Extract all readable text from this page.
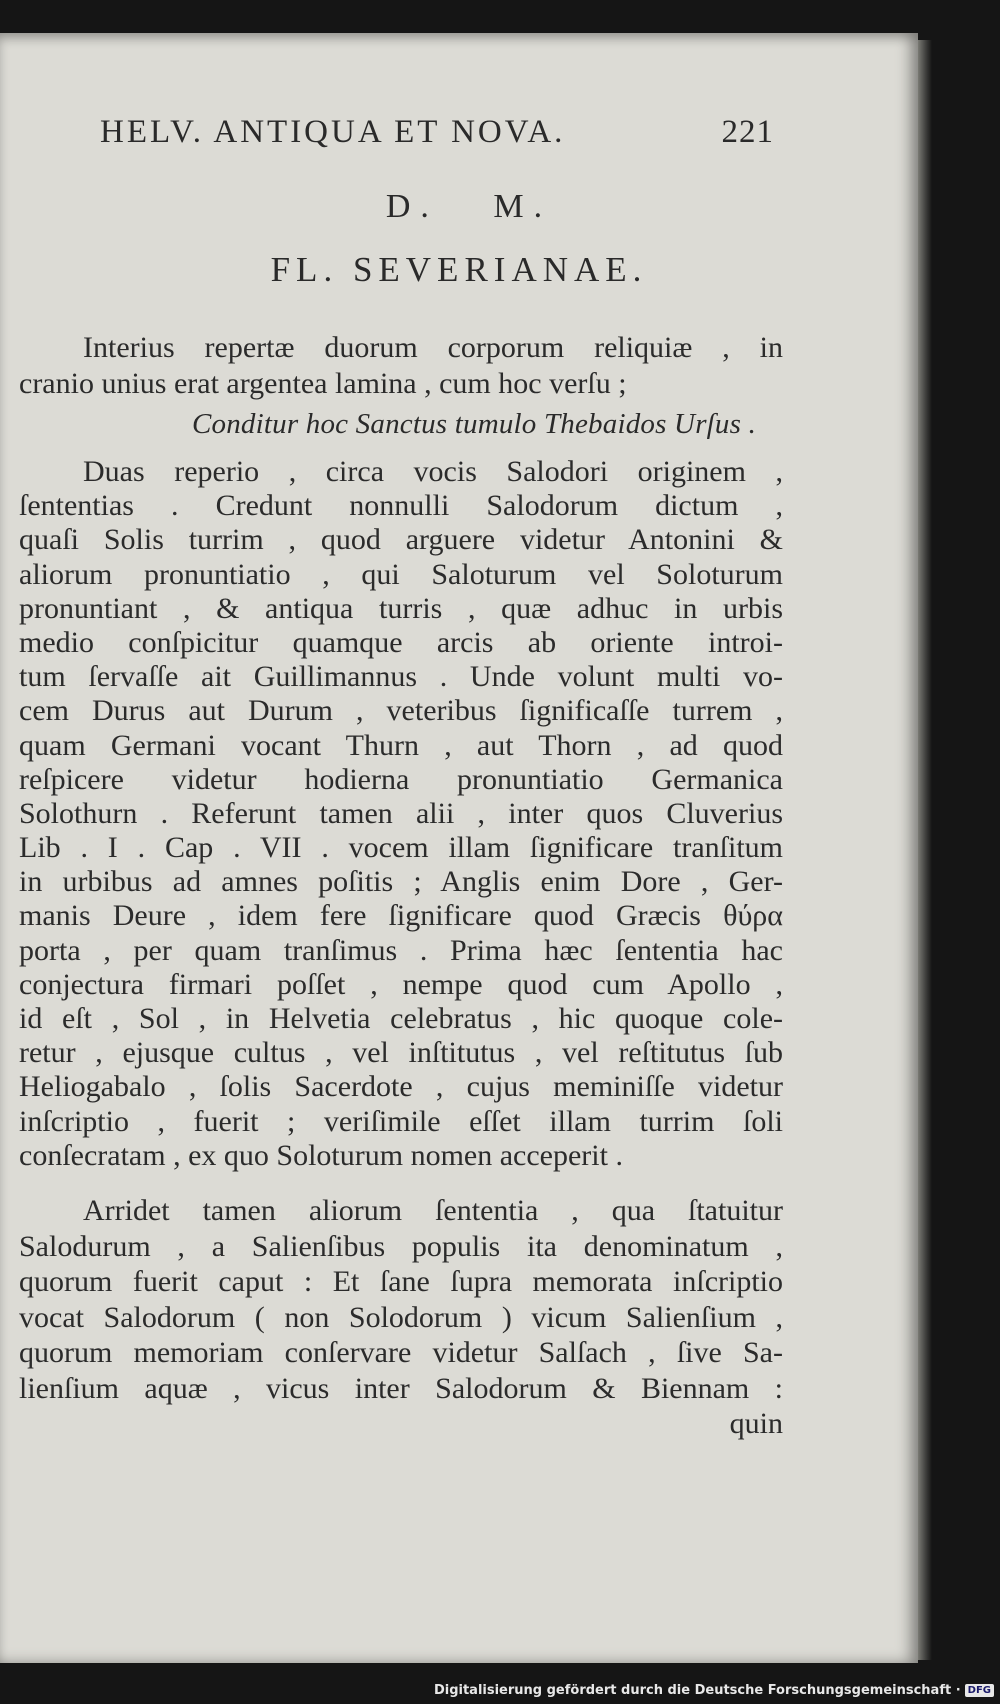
HELV. ANTIQUA ET NOVA.	221
D. M.
FL. SEVERIANAE.
Interius repertæ duorum corporum reliquiæ , in
cranio unius erat argentea lamina , cum hoc verſu ;
Conditur hoc Sanctus tumulo Thebaidos Urſus .
Duas reperio , circa vocis Salodori originem ,
ſententias . Credunt nonnulli Salodorum dictum ,
quaſi Solis turrim , quod arguere videtur Antonini &
aliorum pronuntiatio , qui Saloturum vel Soloturum
pronuntiant , & antiqua turris , quæ adhuc in urbis
medio conſpicitur quamque arcis ab oriente introi-
tum ſervaſſe ait Guillimannus . Unde volunt multi vo-
cem Durus aut Durum , veteribus ſignificaſſe turrem ,
quam Germani vocant Thurn , aut Thorn , ad quod
reſpicere videtur hodierna pronuntiatio Germanica
Solothurn . Referunt tamen alii , inter quos Cluverius
Lib . I . Cap . VII . vocem illam ſignificare tranſitum
in urbibus ad amnes poſitis ; Anglis enim Dore , Ger-
manis Deure , idem fere ſignificare quod Græcis θύρα
porta , per quam tranſimus . Prima hæc ſententia hac
conjectura firmari poſſet , nempe quod cum Apollo ,
id eſt , Sol , in Helvetia celebratus , hic quoque cole-
retur , ejusque cultus , vel inſtitutus , vel reſtitutus ſub
Heliogabalo , ſolis Sacerdote , cujus meminiſſe videtur
inſcriptio , fuerit ; veriſimile eſſet illam turrim ſoli
conſecratam , ex quo Soloturum nomen acceperit .
Arridet tamen aliorum ſententia , qua ſtatuitur
Salodurum , a Salienſibus populis ita denominatum ,
quorum fuerit caput : Et ſane ſupra memorata inſcriptio
vocat Salodorum ( non Solodorum ) vicum Salienſium ,
quorum memoriam conſervare videtur Salſach , ſive Sa-
lienſium aquæ , vicus inter Salodorum & Biennam :
quin
Digitalisierung gefördert durch die Deutsche Forschungsgemeinschaft · DFG
